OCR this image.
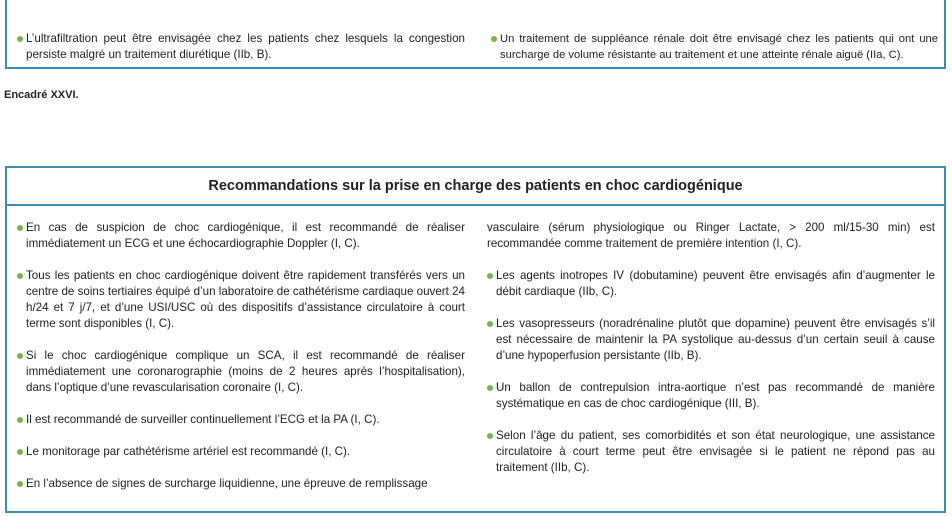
L’ultrafiltration peut être envisagée chez les patients chez lesquels la congestion persiste malgré un traitement diurétique (IIb, B).
Un traitement de suppléance rénale doit être envisagé chez les patients qui ont une surcharge de volume résistante au traitement et une atteinte rénale aiguë (IIa, C).
Encadré XXVI.
Recommandations sur la prise en charge des patients en choc cardiogénique
En cas de suspicion de choc cardiogénique, il est recommandé de réaliser immédiatement un ECG et une échocardiographie Doppler (I, C).
Tous les patients en choc cardiogénique doivent être rapidement transférés vers un centre de soins tertiaires équipé d’un laboratoire de cathétérisme cardiaque ouvert 24 h/24 et 7 j/7, et d’une USI/USC où des dispositifs d’assistance circulatoire à court terme sont disponibles (I, C).
Si le choc cardiogénique complique un SCA, il est recommandé de réaliser immédiatement une coronarographie (moins de 2 heures après l’hospitalisation), dans l’optique d’une revascularisation coronaire (I, C).
Il est recommandé de surveiller continuellement l’ECG et la PA (I, C).
Le monitorage par cathétérisme artériel est recommandé (I, C).
En l’absence de signes de surcharge liquidienne, une épreuve de remplissage
vasculaire (sérum physiologique ou Ringer Lactate, > 200 ml/15-30 min) est recommandée comme traitement de première intention (I, C).
Les agents inotropes IV (dobutamine) peuvent être envisagés afin d’augmenter le débit cardiaque (IIb, C).
Les vasopresseurs (noradrénaline plutôt que dopamine) peuvent être envisagés s’il est nécessaire de maintenir la PA systolique au-dessus d’un certain seuil à cause d’une hypoperfusion persistante (IIb, B).
Un ballon de contrepulsion intra-aortique n’est pas recommandé de manière systématique en cas de choc cardiogénique (III, B).
Selon l’âge du patient, ses comorbidités et son état neurologique, une assistance circulatoire à court terme peut être envisagée si le patient ne répond pas au traitement (IIb, C).
